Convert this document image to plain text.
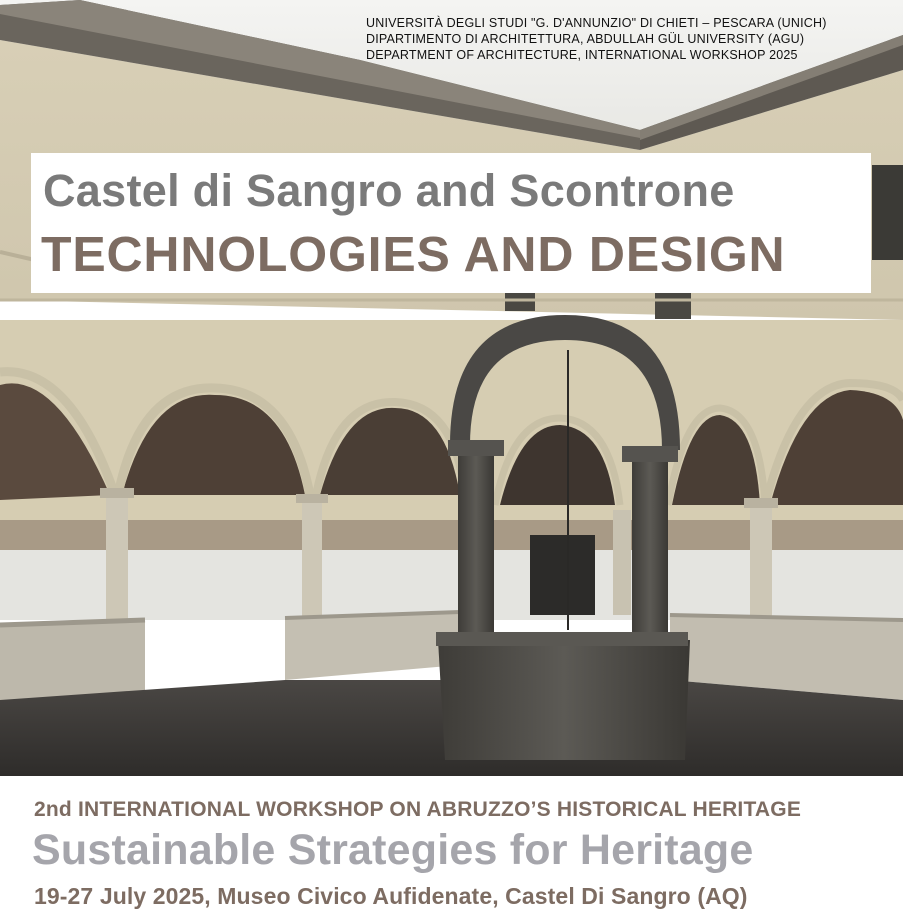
UNIVERSITÀ DEGLI STUDI "G. D'ANNUNZIO" DI CHIETI – PESCARA (UNICH)
DIPARTIMENTO DI ARCHITETTURA, ABDULLAH GÜL UNIVERSITY (AGU)
DEPARTMENT OF ARCHITECTURE, INTERNATIONAL WORKSHOP 2025
Castel di Sangro and Scontrone
TECHNOLOGIES AND DESIGN
2nd INTERNATIONAL WORKSHOP ON ABRUZZO’S HISTORICAL HERITAGE
Sustainable Strategies for Heritage
19-27 July 2025, Museo Civico Aufidenate, Castel Di Sangro (AQ)
